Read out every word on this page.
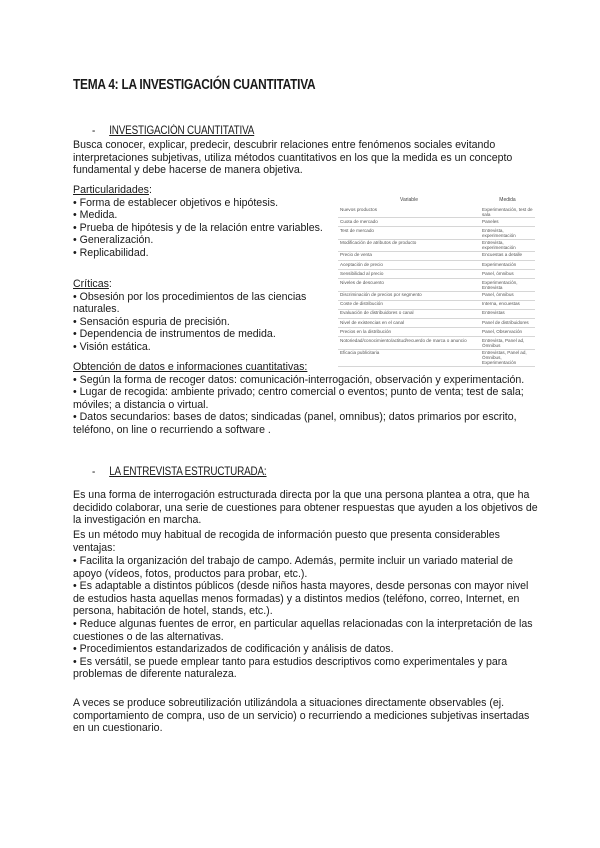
TEMA 4: LA INVESTIGACIÓN CUANTITATIVA
- INVESTIGACIÓN CUANTITATIVA

Busca conocer, explicar, predecir, descubrir relaciones entre fenómenos sociales evitando interpretaciones subjetivas, utiliza métodos cuantitativos en los que la medida es un concepto fundamental y debe hacerse de manera objetiva.

Particularidades:
• Forma de establecer objetivos e hipótesis.
• Medida.
• Prueba de hipótesis y de la relación entre variables.
• Generalización.
• Replicabilidad.
Críticas:
• Obsesión por los procedimientos de las ciencias naturales.
• Sensación espuria de precisión.
• Dependencia de instrumentos de medida.
• Visión estática.
Obtención de datos e informaciones cuantitativas:
• Según la forma de recoger datos: comunicación-interrogación, observación y experimentación.
• Lugar de recogida: ambiente privado; centro comercial o eventos; punto de venta; test de sala; móviles; a distancia o virtual.
• Datos secundarios: bases de datos; sindicadas (panel, omnibus); datos primarios por escrito, teléfono, on line o recurriendo a software .
Variable	Medida
Nuevos productos	Experimentación, test de sala
Cuota de mercado	Paneles
Test de mercado	Entrevista, experimentación
Modificación de atributos de producto	Entrevista, experimentación
Precio de venta	Encuestas a detalle
Aceptación de precio	Experimentación
Sensibilidad al precio	Panel, ómnibus
Niveles de descuento	Experimentación, Entrevista
Discriminación de precios por segmento	Panel, ómnibus
Coste de distribución	Interna, encuestas
Evaluación de distribuidores o canal	Entrevistas
Nivel de existencias en el canal	Panel de distribuidores
Precios en la distribución	Panel, Observación
Notoriedad/conocimiento/actitud/recuerdo de marca o anuncio	Entrevista, Panel ad, Ómnibus
Eficacia publicitaria	Entrevistas, Panel ad, Ómnibus, Experimentación
- LA ENTREVISTA ESTRUCTURADA:

Es una forma de interrogación estructurada directa por la que una persona plantea a otra, que ha decidido colaborar, una serie de cuestiones para obtener respuestas que ayuden a los objetivos de la investigación en marcha.

Es un método muy habitual de recogida de información puesto que presenta considerables ventajas:

• Facilita la organización del trabajo de campo. Además, permite incluir un variado material de apoyo (vídeos, fotos, productos para probar, etc.).
• Es adaptable a distintos públicos (desde niños hasta mayores, desde personas con mayor nivel de estudios hasta aquellas menos formadas) y a distintos medios (teléfono, correo, Internet, en persona, habitación de hotel, stands, etc.).
• Reduce algunas fuentes de error, en particular aquellas relacionadas con la interpretación de las cuestiones o de las alternativas.
• Procedimientos estandarizados de codificación y análisis de datos.
• Es versátil, se puede emplear tanto para estudios descriptivos como experimentales y para problemas de diferente naturaleza.

A veces se produce sobreutilización utilizándola a situaciones directamente observables (ej. comportamiento de compra, uso de un servicio) o recurriendo a mediciones subjetivas insertadas en un cuestionario.
